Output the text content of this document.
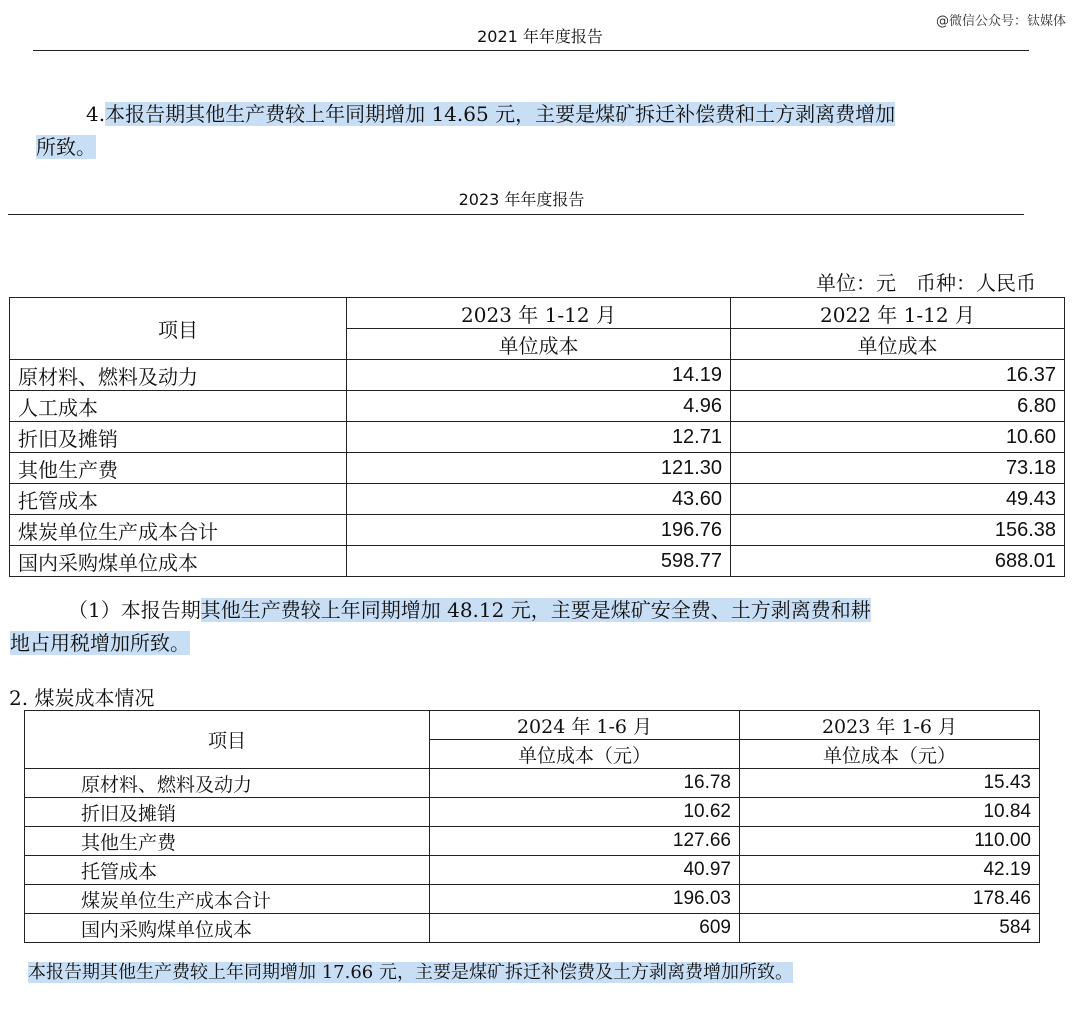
@微信公众号：钛媒体
2021 年年度报告
4.本报告期其他生产费较上年同期增加 14.65 元，主要是煤矿拆迁补偿费和土方剥离费增加
所致。
2023 年年度报告
单位：元　币种：人民币
项目	2023 年 1-12 月	2022 年 1-12 月
	单位成本	单位成本
原材料、燃料及动力	14.19	16.37
人工成本	4.96	6.80
折旧及摊销	12.71	10.60
其他生产费	121.30	73.18
托管成本	43.60	49.43
煤炭单位生产成本合计	196.76	156.38
国内采购煤单位成本	598.77	688.01
（1）本报告期其他生产费较上年同期增加 48.12 元，主要是煤矿安全费、土方剥离费和耕
地占用税增加所致。
2. 煤炭成本情况
项目	2024 年 1-6 月	2023 年 1-6 月
	单位成本（元）	单位成本（元）
原材料、燃料及动力	16.78	15.43
折旧及摊销	10.62	10.84
其他生产费	127.66	110.00
托管成本	40.97	42.19
煤炭单位生产成本合计	196.03	178.46
国内采购煤单位成本	609	584
本报告期其他生产费较上年同期增加 17.66 元，主要是煤矿拆迁补偿费及土方剥离费增加所致。
